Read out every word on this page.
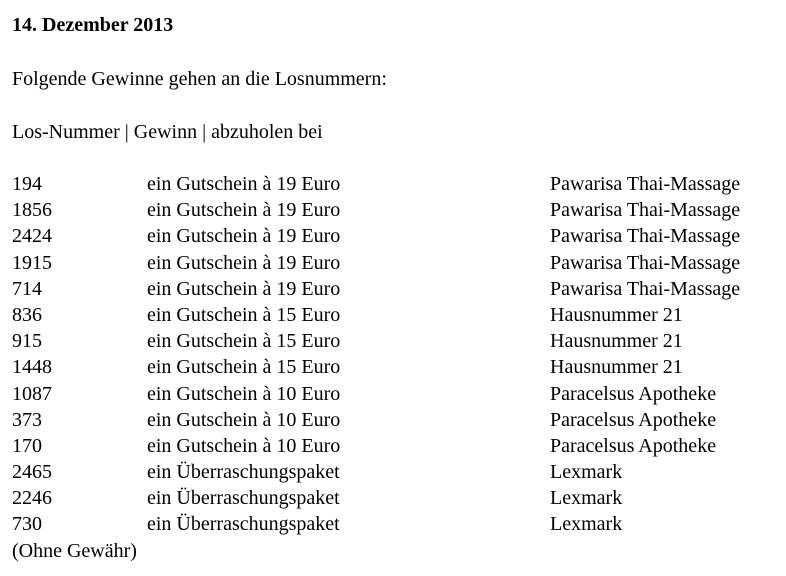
14. Dezember 2013
Folgende Gewinne gehen an die Losnummern:
Los-Nummer | Gewinn | abzuholen bei
194	ein Gutschein à 19 Euro	Pawarisa Thai-Massage
1856	ein Gutschein à 19 Euro	Pawarisa Thai-Massage
2424	ein Gutschein à 19 Euro	Pawarisa Thai-Massage
1915	ein Gutschein à 19 Euro	Pawarisa Thai-Massage
714	ein Gutschein à 19 Euro	Pawarisa Thai-Massage
836	ein Gutschein à 15 Euro	Hausnummer 21
915	ein Gutschein à 15 Euro	Hausnummer 21
1448	ein Gutschein à 15 Euro	Hausnummer 21
1087	ein Gutschein à 10 Euro	Paracelsus Apotheke
373	ein Gutschein à 10 Euro	Paracelsus Apotheke
170	ein Gutschein à 10 Euro	Paracelsus Apotheke
2465	ein Überraschungspaket	Lexmark
2246	ein Überraschungspaket	Lexmark
730	ein Überraschungspaket	Lexmark
(Ohne Gewähr)
